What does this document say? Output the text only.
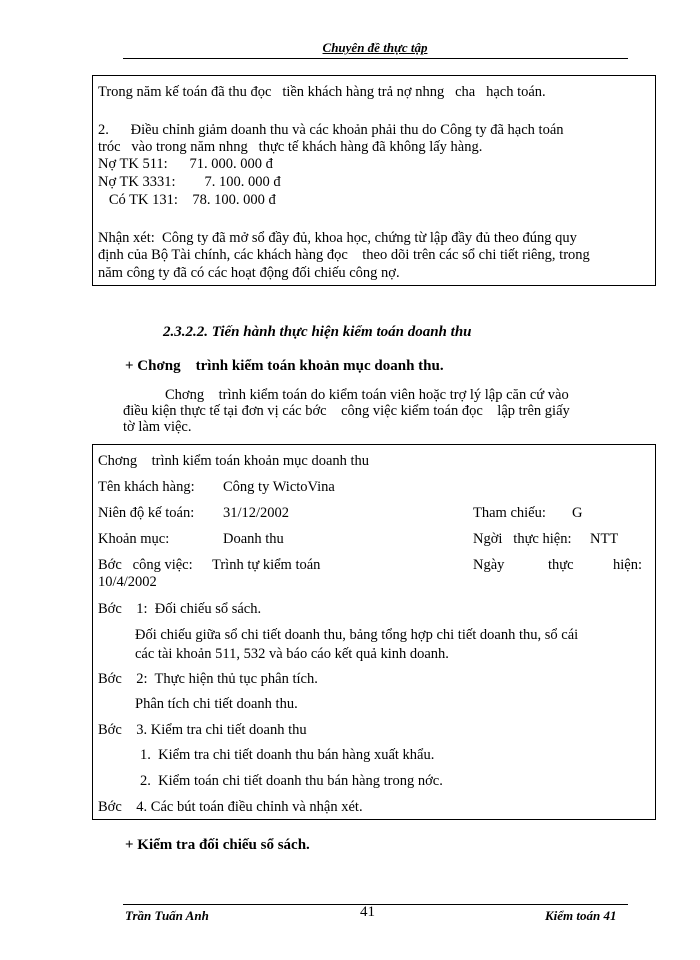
Chuyên đề thực tập
Trong năm kế toán đã thu đọc   tiền khách hàng trả nợ nhng   cha   hạch toán.
2.      Điều chỉnh giảm doanh thu và các khoản phải thu do Công ty đã hạch toán
tróc   vào trong năm nhng   thực tế khách hàng đã không lấy hàng.
Nợ TK 511:      71. 000. 000 đ
Nợ TK 3331:        7. 100. 000 đ
Có TK 131:    78. 100. 000 đ
Nhận xét:  Công ty đã mở sổ đầy đủ, khoa học, chứng từ lập đầy đủ theo đúng quy
định của Bộ Tài chính, các khách hàng đọc    theo dõi trên các sổ chi tiết riêng, trong
năm công ty đã có các hoạt động đối chiếu công nợ.
2.3.2.2. Tiến hành thực hiện kiểm toán doanh thu
+ Chơng    trình kiểm toán khoản mục doanh thu.
Chơng    trình kiểm toán do kiểm toán viên hoặc trợ lý lập căn cứ vào
điều kiện thực tế tại đơn vị các bớc    công việc kiểm toán đọc    lập trên giấy
tờ làm việc.
Chơng    trình kiểm toán khoản mục doanh thu
Tên khách hàng: Công ty WictoVina
Niên độ kế toán: 31/12/2002	Tham chiếu: G
Khoản mục:	Doanh thu	Ngời   thực hiện: NTT
Bớc   công việc: Trình tự kiểm toán	Ngày	thực	hiện:
10/4/2002
Bớc    1:  Đối chiếu sổ sách.
Đối chiếu giữa sổ chi tiết doanh thu, bảng tổng hợp chi tiết doanh thu, sổ cái
các tài khoản 511, 532 và báo cáo kết quả kinh doanh.
Bớc    2:  Thực hiện thủ tục phân tích.
Phân tích chi tiết doanh thu.
Bớc    3. Kiểm tra chi tiết doanh thu
1.  Kiểm tra chi tiết doanh thu bán hàng xuất khẩu.
2.  Kiểm toán chi tiết doanh thu bán hàng trong nớc.
Bớc    4. Các bút toán điều chỉnh và nhận xét.
+ Kiểm tra đối chiếu sổ sách.
Trần Tuấn Anh	41	Kiểm toán 41
